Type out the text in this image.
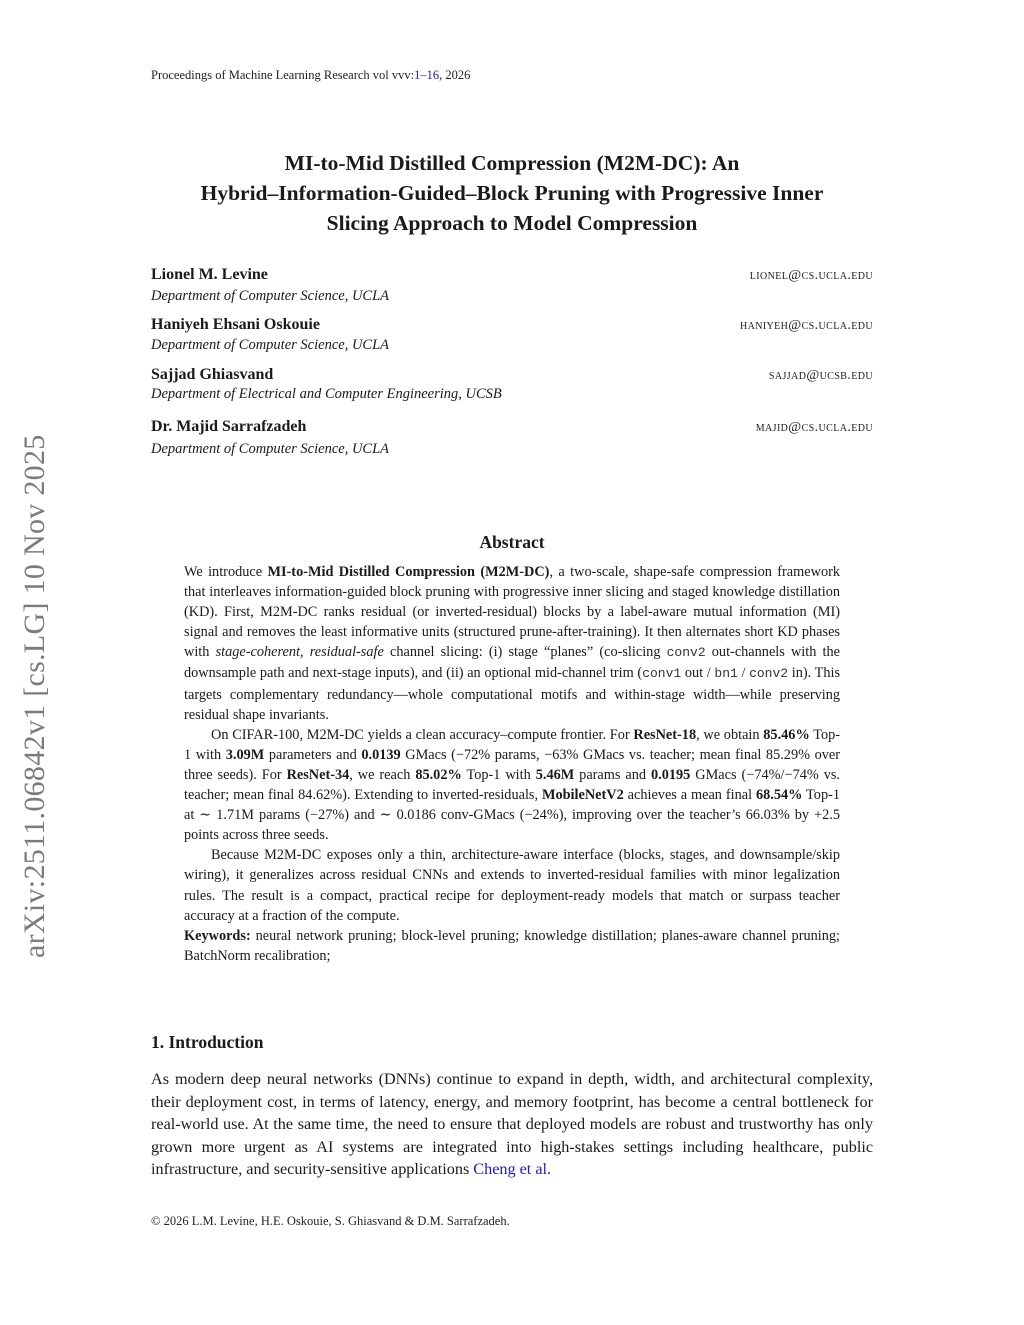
Proceedings of Machine Learning Research vol vvv:1–16, 2026
MI-to-Mid Distilled Compression (M2M-DC): An
Hybrid–Information-Guided–Block Pruning with Progressive Inner
Slicing Approach to Model Compression
Lionel M. Levine	lionel@cs.ucla.edu
Department of Computer Science, UCLA
Haniyeh Ehsani Oskouie	haniyeh@cs.ucla.edu
Department of Computer Science, UCLA
Sajjad Ghiasvand	sajjad@ucsb.edu
Department of Electrical and Computer Engineering, UCSB
Dr. Majid Sarrafzadeh	majid@cs.ucla.edu
Department of Computer Science, UCLA
arXiv:2511.06842v1 [cs.LG] 10 Nov 2025	Abstract

We introduce MI-to-Mid Distilled Compression (M2M-DC), a two-scale, shape-safe compression framework that interleaves information-guided block pruning with progressive inner slicing and staged knowledge distillation (KD). First, M2M-DC ranks residual (or inverted-residual) blocks by a label-aware mutual information (MI) signal and removes the least informative units (structured prune-after-training). It then alternates short KD phases with stage-coherent, residual-safe channel slicing: (i) stage “planes” (co-slicing conv2 out-channels with the downsample path and next-stage inputs), and (ii) an optional mid-channel trim (conv1 out / bn1 / conv2 in). This targets complementary redundancy—whole computational motifs and within-stage width—while preserving residual shape invariants.

On CIFAR-100, M2M-DC yields a clean accuracy–compute frontier. For ResNet-18, we obtain 85.46% Top-1 with 3.09M parameters and 0.0139 GMacs (−72% params, −63% GMacs vs. teacher; mean final 85.29% over three seeds). For ResNet-34, we reach 85.02% Top-1 with 5.46M params and 0.0195 GMacs (−74%/−74% vs. teacher; mean final 84.62%). Extending to inverted-residuals, MobileNetV2 achieves a mean final 68.54% Top-1 at ∼ 1.71M params (−27%) and ∼ 0.0186 conv-GMacs (−24%), improving over the teacher’s 66.03% by +2.5 points across three seeds.

Because M2M-DC exposes only a thin, architecture-aware interface (blocks, stages, and downsample/skip wiring), it generalizes across residual CNNs and extends to inverted-residual families with minor legalization rules. The result is a compact, practical recipe for deployment-ready models that match or surpass teacher accuracy at a fraction of the compute.

Keywords: neural network pruning; block-level pruning; knowledge distillation; planes-aware channel pruning; BatchNorm recalibration;

1. Introduction
As modern deep neural networks (DNNs) continue to expand in depth, width, and architectural complexity, their deployment cost, in terms of latency, energy, and memory footprint, has become a central bottleneck for real-world use. At the same time, the need to ensure that deployed models are robust and trustworthy has only grown more urgent as AI systems are integrated into high-stakes settings including healthcare, public infrastructure, and security-sensitive applications Cheng et al.
© 2026 L.M. Levine, H.E. Oskouie, S. Ghiasvand & D.M. Sarrafzadeh.
